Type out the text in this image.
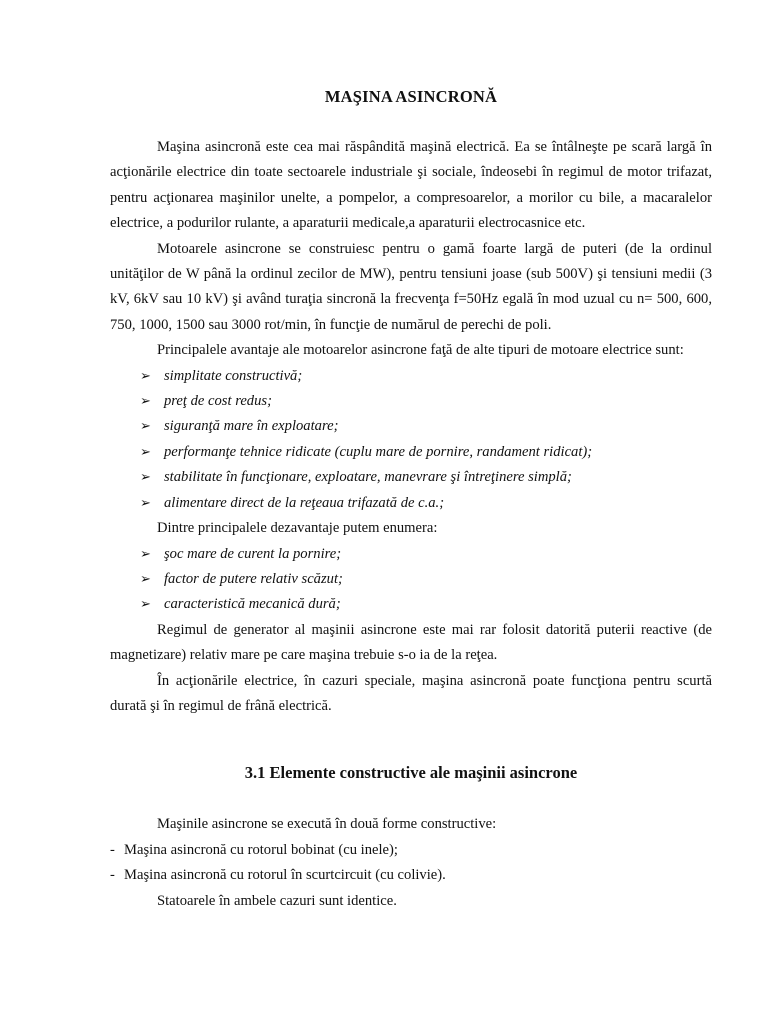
MAŞINA ASINCRONĂ

Maşina asincronă este cea mai răspândită maşină electrică. Ea se întâlneşte pe scară largă în acţionările electrice din toate sectoarele industriale şi sociale, îndeosebi în regimul de motor trifazat, pentru acţionarea maşinilor unelte, a pompelor, a compresoarelor, a morilor cu bile, a macaralelor electrice, a podurilor rulante, a aparaturii medicale,a aparaturii electrocasnice etc.

Motoarele asincrone se construiesc pentru o gamă foarte largă de puteri (de la ordinul unităţilor de W până la ordinul zecilor de MW), pentru tensiuni joase (sub 500V) şi tensiuni medii (3 kV, 6kV sau 10 kV) şi având turaţia sincronă la frecvenţa f=50Hz egală în mod uzual cu n= 500, 600, 750, 1000, 1500 sau 3000 rot/min, în funcţie de numărul de perechi de poli.

Principalele avantaje ale motoarelor asincrone faţă de alte tipuri de motoare electrice sunt:

➢ simplitate constructivă;
➢ preţ de cost redus;
➢ siguranţă mare în exploatare;
➢ performanţe tehnice ridicate (cuplu mare de pornire, randament ridicat);
➢ stabilitate în funcţionare, exploatare, manevrare şi întreţinere simplă;
➢ alimentare direct de la reţeaua trifazată de c.a.;

Dintre principalele dezavantaje putem enumera:

➢ şoc mare de curent la pornire;
➢ factor de putere relativ scăzut;
➢ caracteristică mecanică dură;

Regimul de generator al maşinii asincrone este mai rar folosit datorită puterii reactive (de magnetizare) relativ mare pe care maşina trebuie s-o ia de la reţea.

În acţionările electrice, în cazuri speciale, maşina asincronă poate funcţiona pentru scurtă durată şi în regimul de frână electrică.

3.1 Elemente constructive ale maşinii asincrone

Maşinile asincrone se execută în două forme constructive:

- Maşina asincronă cu rotorul bobinat (cu inele);
- Maşina asincronă cu rotorul în scurtcircuit (cu colivie).

Statoarele în ambele cazuri sunt identice.
